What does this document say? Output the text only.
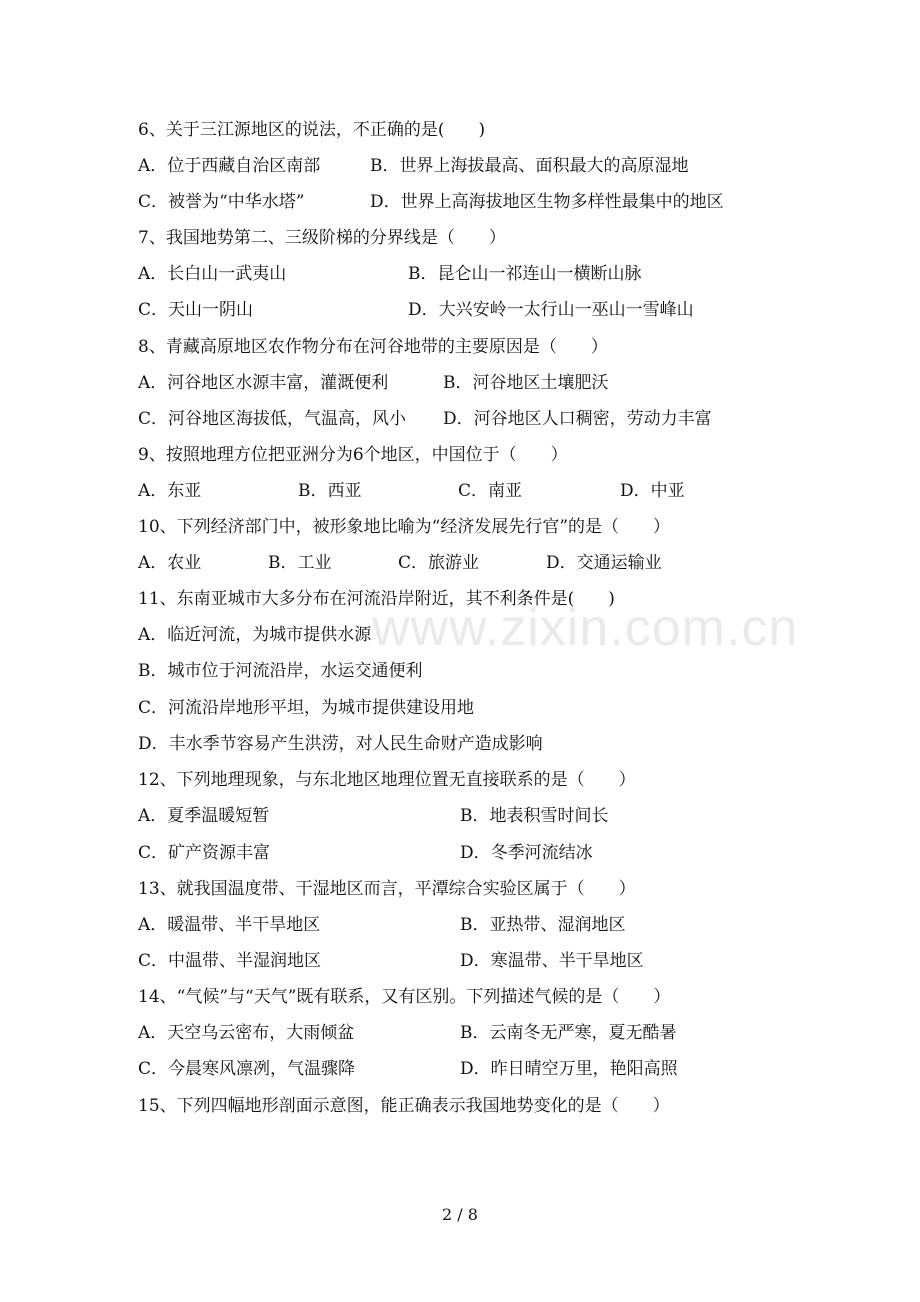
www.zixin.com.cn
6、关于三江源地区的说法，不正确的是(　　)
A．位于西藏自治区南部	B．世界上海拔最高、面积最大的高原湿地
C．被誉为“中华水塔”	D．世界上高海拔地区生物多样性最集中的地区
7、我国地势第二、三级阶梯的分界线是（　　）
A．长白山一武夷山	B．昆仑山一祁连山一横断山脉
C．天山一阴山	D．大兴安岭一太行山一巫山一雪峰山
8、青藏高原地区农作物分布在河谷地带的主要原因是（　　）
A．河谷地区水源丰富，灌溉便利	B．河谷地区土壤肥沃
C．河谷地区海拔低，气温高，风小 D．河谷地区人口稠密，劳动力丰富
9、按照地理方位把亚洲分为6个地区，中国位于（　　）
A．东亚	B．西亚	C．南亚	D．中亚
10、下列经济部门中，被形象地比喻为“经济发展先行官”的是（　　）
A．农业	B．工业	C．旅游业	D．交通运输业
11、东南亚城市大多分布在河流沿岸附近，其不利条件是(　　)
A．临近河流，为城市提供水源
B．城市位于河流沿岸，水运交通便利
C．河流沿岸地形平坦，为城市提供建设用地
D．丰水季节容易产生洪涝，对人民生命财产造成影响
12、下列地理现象，与东北地区地理位置无直接联系的是（　　）
A．夏季温暖短暂	B．地表积雪时间长
C．矿产资源丰富	D．冬季河流结冰
13、就我国温度带、干湿地区而言，平潭综合实验区属于（　　）
A．暖温带、半干旱地区	B．亚热带、湿润地区
C．中温带、半湿润地区	D．寒温带、半干旱地区
14、“气候”与“天气”既有联系，又有区别。下列描述气候的是（　　）
A．天空乌云密布，大雨倾盆	B．云南冬无严寒，夏无酷暑
C．今晨寒风凛冽，气温骤降	D．昨日晴空万里，艳阳高照
15、下列四幅地形剖面示意图，能正确表示我国地势变化的是（　　）
2 / 8
